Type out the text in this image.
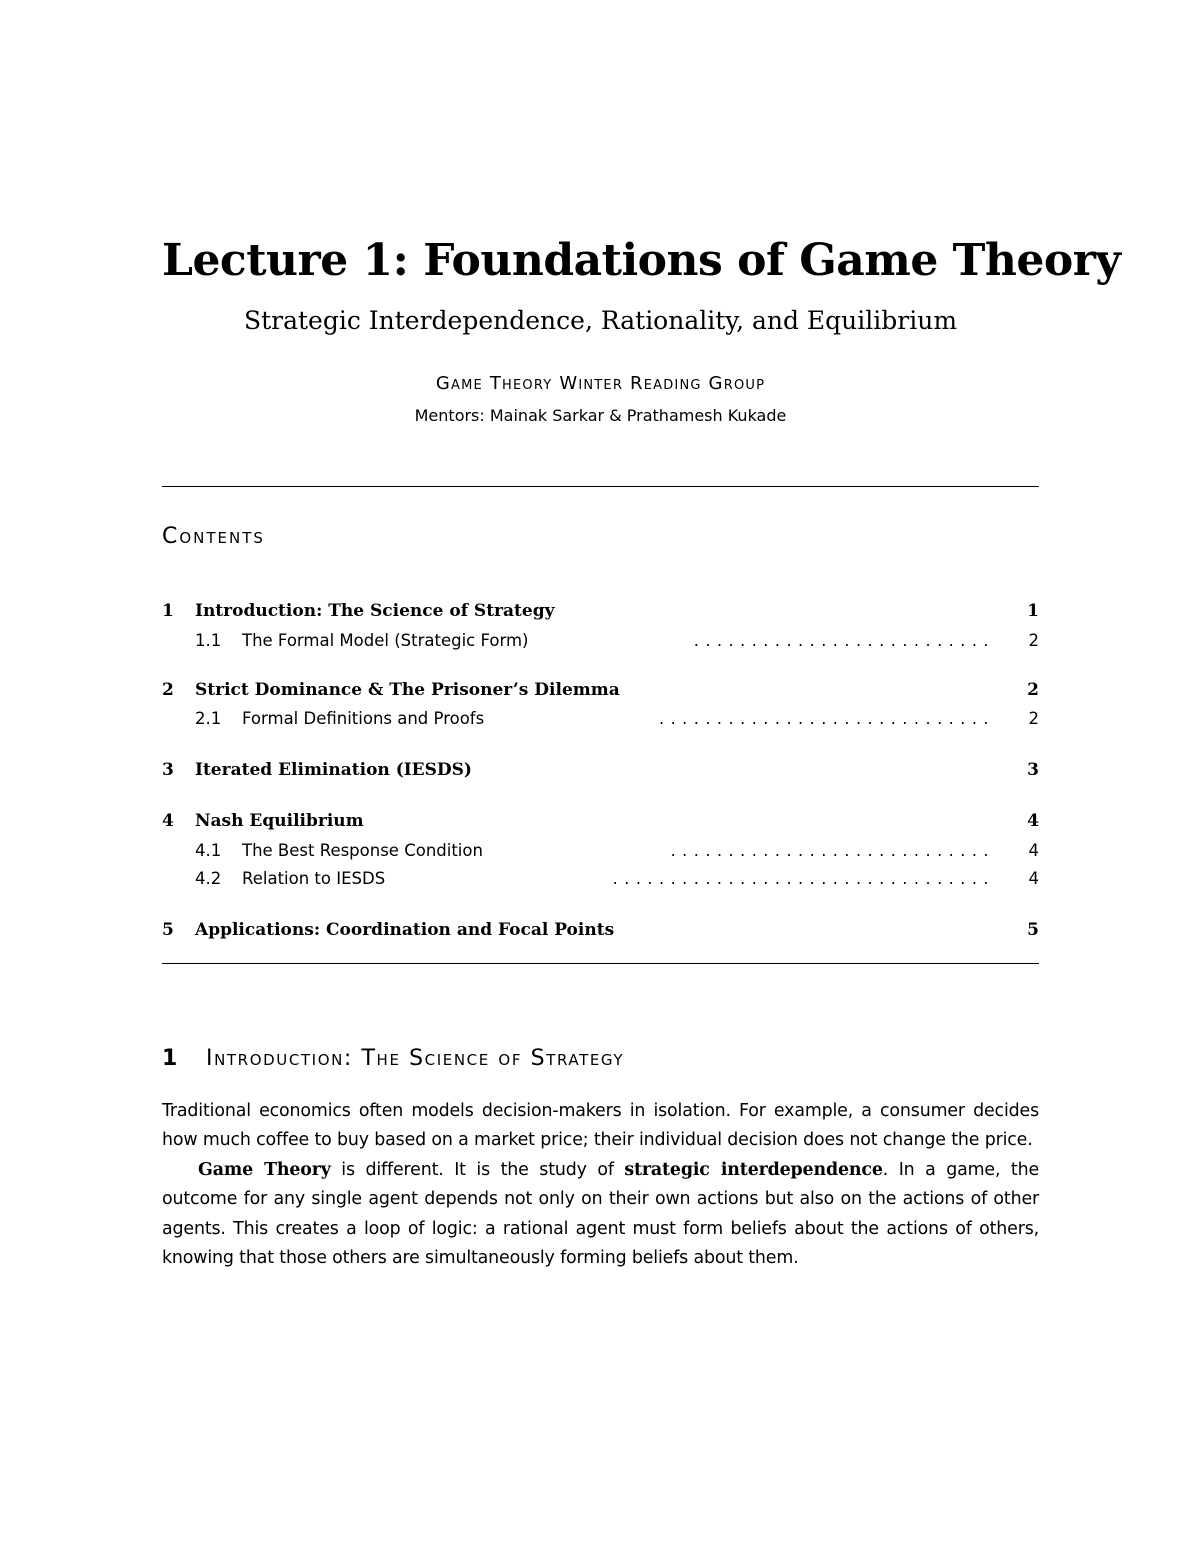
Lecture 1: Foundations of Game Theory
Strategic Interdependence, Rationality, and Equilibrium
Game Theory Winter Reading Group
Mentors: Mainak Sarkar & Prathamesh Kukade
Contents
1 Introduction: The Science of Strategy	1
1.1 The Formal Model (Strategic Form)	.......................... 2
2 Strict Dominance & The Prisoner’s Dilemma	2
2.1 Formal Definitions and Proofs	............................. 2
3 Iterated Elimination (IESDS)	3
4 Nash Equilibrium	4
4.1 The Best Response Condition	............................ 4
4.2 Relation to IESDS	................................. 4
5 Applications: Coordination and Focal Points	5
1 Introduction: The Science of Strategy

Traditional economics often models decision-makers in isolation. For example, a consumer decides how much coffee to buy based on a market price; their individual decision does not change the price.

Game Theory is different. It is the study of strategic interdependence. In a game, the outcome for any single agent depends not only on their own actions but also on the actions of other agents. This creates a loop of logic: a rational agent must form beliefs about the actions of others, knowing that those others are simultaneously forming beliefs about them.
